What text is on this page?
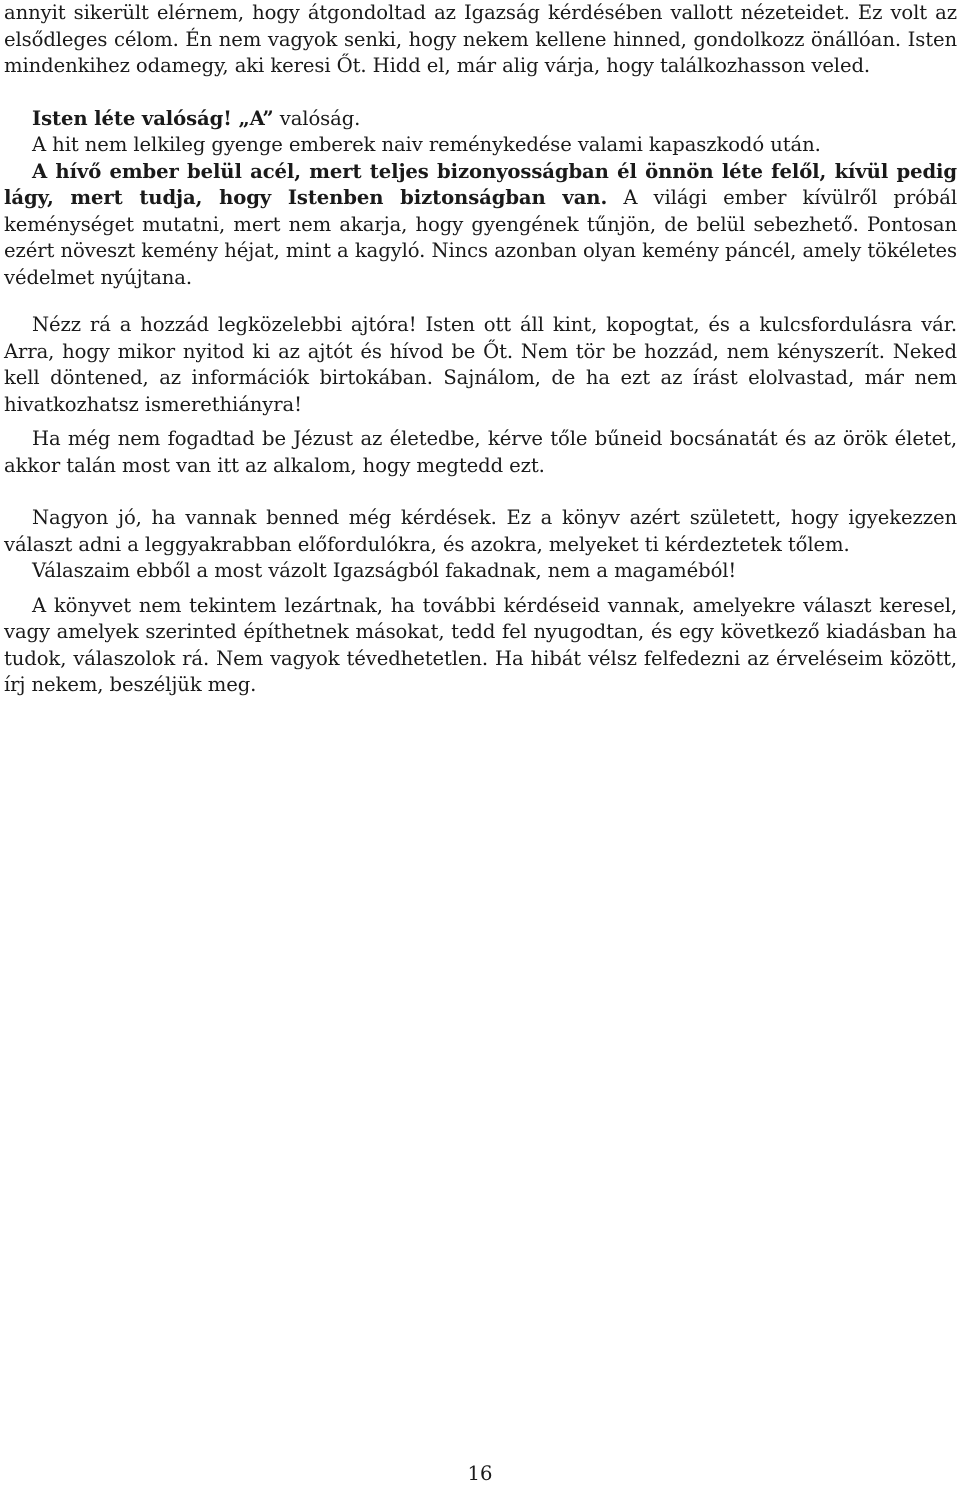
annyit sikerült elérnem, hogy átgondoltad az Igazság kérdésében vallott nézeteidet. Ez volt az elsődleges célom. Én nem vagyok senki, hogy nekem kellene hinned, gondolkozz önállóan. Isten mindenkihez odamegy, aki keresi Őt. Hidd el, már alig várja, hogy találkozhasson veled.

Isten léte valóság! „A” valóság.

A hit nem lelkileg gyenge emberek naiv reménykedése valami kapaszkodó után.

A hívő ember belül acél, mert teljes bizonyosságban él önnön léte felől, kívül pedig lágy, mert tudja, hogy Istenben biztonságban van. A világi ember kívülről próbál keménységet mutatni, mert nem akarja, hogy gyengének tűnjön, de belül sebezhető. Pontosan ezért növeszt kemény héjat, mint a kagyló. Nincs azonban olyan kemény páncél, amely tökéletes védelmet nyújtana.

Nézz rá a hozzád legközelebbi ajtóra! Isten ott áll kint, kopogtat, és a kulcsfordulásra vár. Arra, hogy mikor nyitod ki az ajtót és hívod be Őt. Nem tör be hozzád, nem kényszerít. Neked kell döntened, az információk birtokában. Sajnálom, de ha ezt az írást elolvastad, már nem hivatkozhatsz ismerethiányra!

Ha még nem fogadtad be Jézust az életedbe, kérve tőle bűneid bocsánatát és az örök életet, akkor talán most van itt az alkalom, hogy megtedd ezt.

Nagyon jó, ha vannak benned még kérdések. Ez a könyv azért született, hogy igyekezzen választ adni a leggyakrabban előfordulókra, és azokra, melyeket ti kérdeztetek tőlem.

Válaszaim ebből a most vázolt Igazságból fakadnak, nem a magaméból!

A könyvet nem tekintem lezártnak, ha további kérdéseid vannak, amelyekre választ keresel, vagy amelyek szerinted építhetnek másokat, tedd fel nyugodtan, és egy következő kiadásban ha tudok, válaszolok rá. Nem vagyok tévedhetetlen. Ha hibát vélsz felfedezni az érveléseim között, írj nekem, beszéljük meg.

16
